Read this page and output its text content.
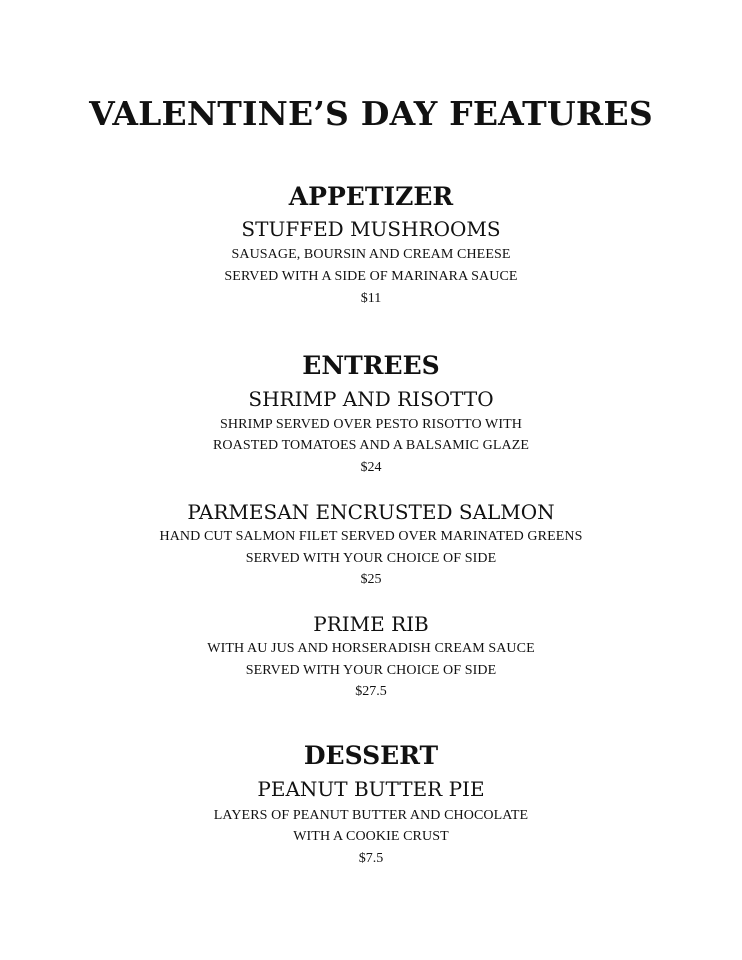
VALENTINE’S DAY FEATURES
APPETIZER
STUFFED MUSHROOMS
SAUSAGE, BOURSIN AND CREAM CHEESE
SERVED WITH A SIDE OF MARINARA SAUCE
$11
ENTREES
SHRIMP AND RISOTTO
SHRIMP SERVED OVER PESTO RISOTTO WITH
ROASTED TOMATOES AND A BALSAMIC GLAZE
$24
PARMESAN ENCRUSTED SALMON
HAND CUT SALMON FILET SERVED OVER MARINATED GREENS
SERVED WITH YOUR CHOICE OF SIDE
$25
PRIME RIB
WITH AU JUS AND HORSERADISH CREAM SAUCE
SERVED WITH YOUR CHOICE OF SIDE
$27.5
DESSERT
PEANUT BUTTER PIE
LAYERS OF PEANUT BUTTER AND CHOCOLATE
WITH A COOKIE CRUST
$7.5
